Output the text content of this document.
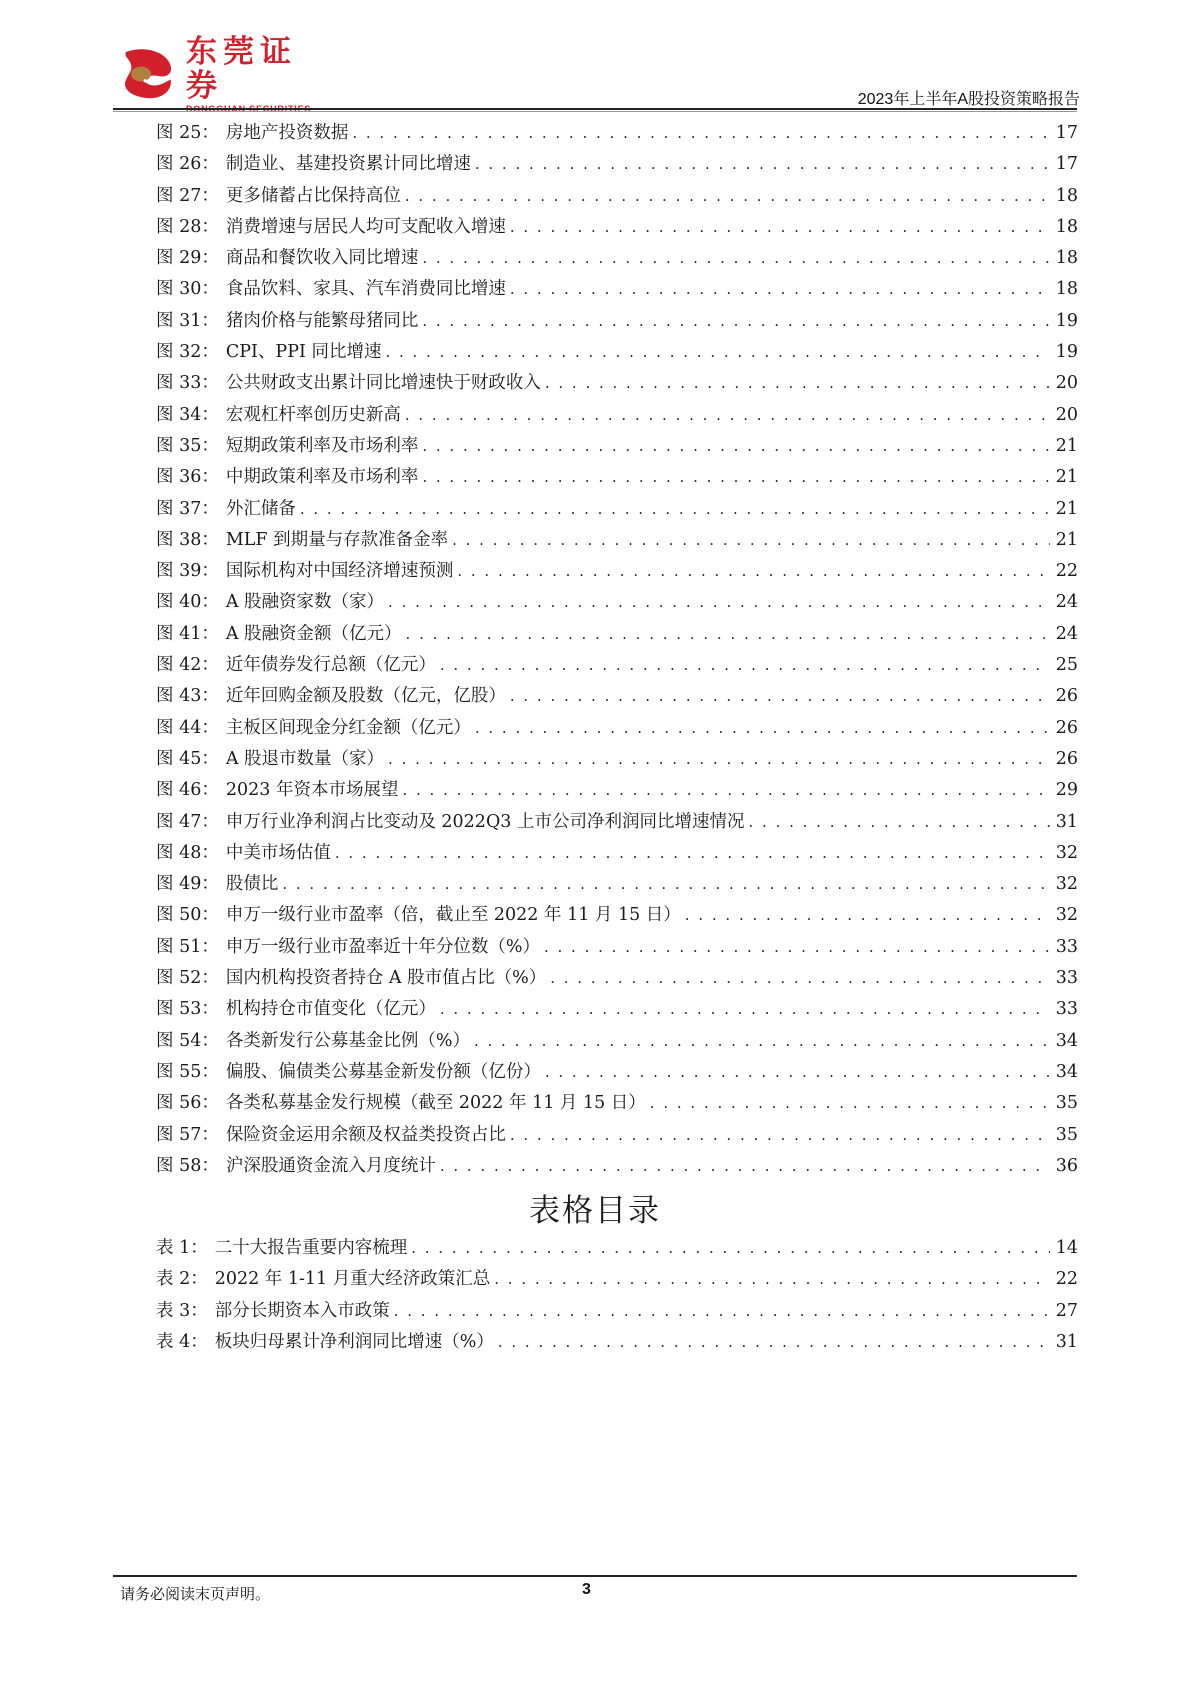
东莞证券	2023年上半年A股投资策略报告
图 25： 房地产投资数据 . . .	17
图 26： 制造业、基建投资累计同比增速 . . .	17
图 27： 更多储蓄占比保持高位 . . .	18
图 28： 消费增速与居民人均可支配收入增速 . . .	18
图 29： 商品和餐饮收入同比增速 . . .	18
图 30： 食品饮料、家具、汽车消费同比增速 . . .	18
图 31： 猪肉价格与能繁母猪同比 . . .	19
图 32： CPI、PPI 同比增速 . . .	19
图 33： 公共财政支出累计同比增速快于财政收入 . . .	20
图 34： 宏观杠杆率创历史新高 . . .	20
图 35： 短期政策利率及市场利率 . . .	21
图 36： 中期政策利率及市场利率 . . .	21
图 37： 外汇储备 . . .	21
图 38： MLF 到期量与存款准备金率 . . .	21
图 39： 国际机构对中国经济增速预测 . . .	22
图 40： A 股融资家数（家） . . .	24
图 41： A 股融资金额（亿元） . . .	24
图 42： 近年债券发行总额（亿元） . . .	25
图 43： 近年回购金额及股数（亿元，亿股） . . .	26
图 44： 主板区间现金分红金额（亿元） . . .	26
图 45： A 股退市数量（家） . . .	26
图 46： 2023 年资本市场展望 . . .	29
图 47： 申万行业净利润占比变动及 2022Q3 上市公司净利润同比增速情况 . . .	31
图 48： 中美市场估值 . . .	32
图 49： 股债比 . . .	32
图 50： 申万一级行业市盈率（倍，截止至 2022 年 11 月 15 日） . . .	32
图 51： 申万一级行业市盈率近十年分位数（%） . . .	33
图 52： 国内机构投资者持仓 A 股市值占比（%） . . .	33
图 53： 机构持仓市值变化（亿元） . . .	33
图 54： 各类新发行公募基金比例（%） . . .	34
图 55： 偏股、偏债类公募基金新发份额（亿份） . . .	34
图 56： 各类私募基金发行规模（截至 2022 年 11 月 15 日） . . .	35
图 57： 保险资金运用余额及权益类投资占比 . . .	35
图 58： 沪深股通资金流入月度统计 . . .	36
表格目录
表 1： 二十大报告重要内容梳理 . . .	14
表 2： 2022 年 1-11 月重大经济政策汇总 . . .	22
表 3： 部分长期资本入市政策 . . .	27
表 4： 板块归母累计净利润同比增速（%） . . .	31
请务必阅读末页声明。	3
